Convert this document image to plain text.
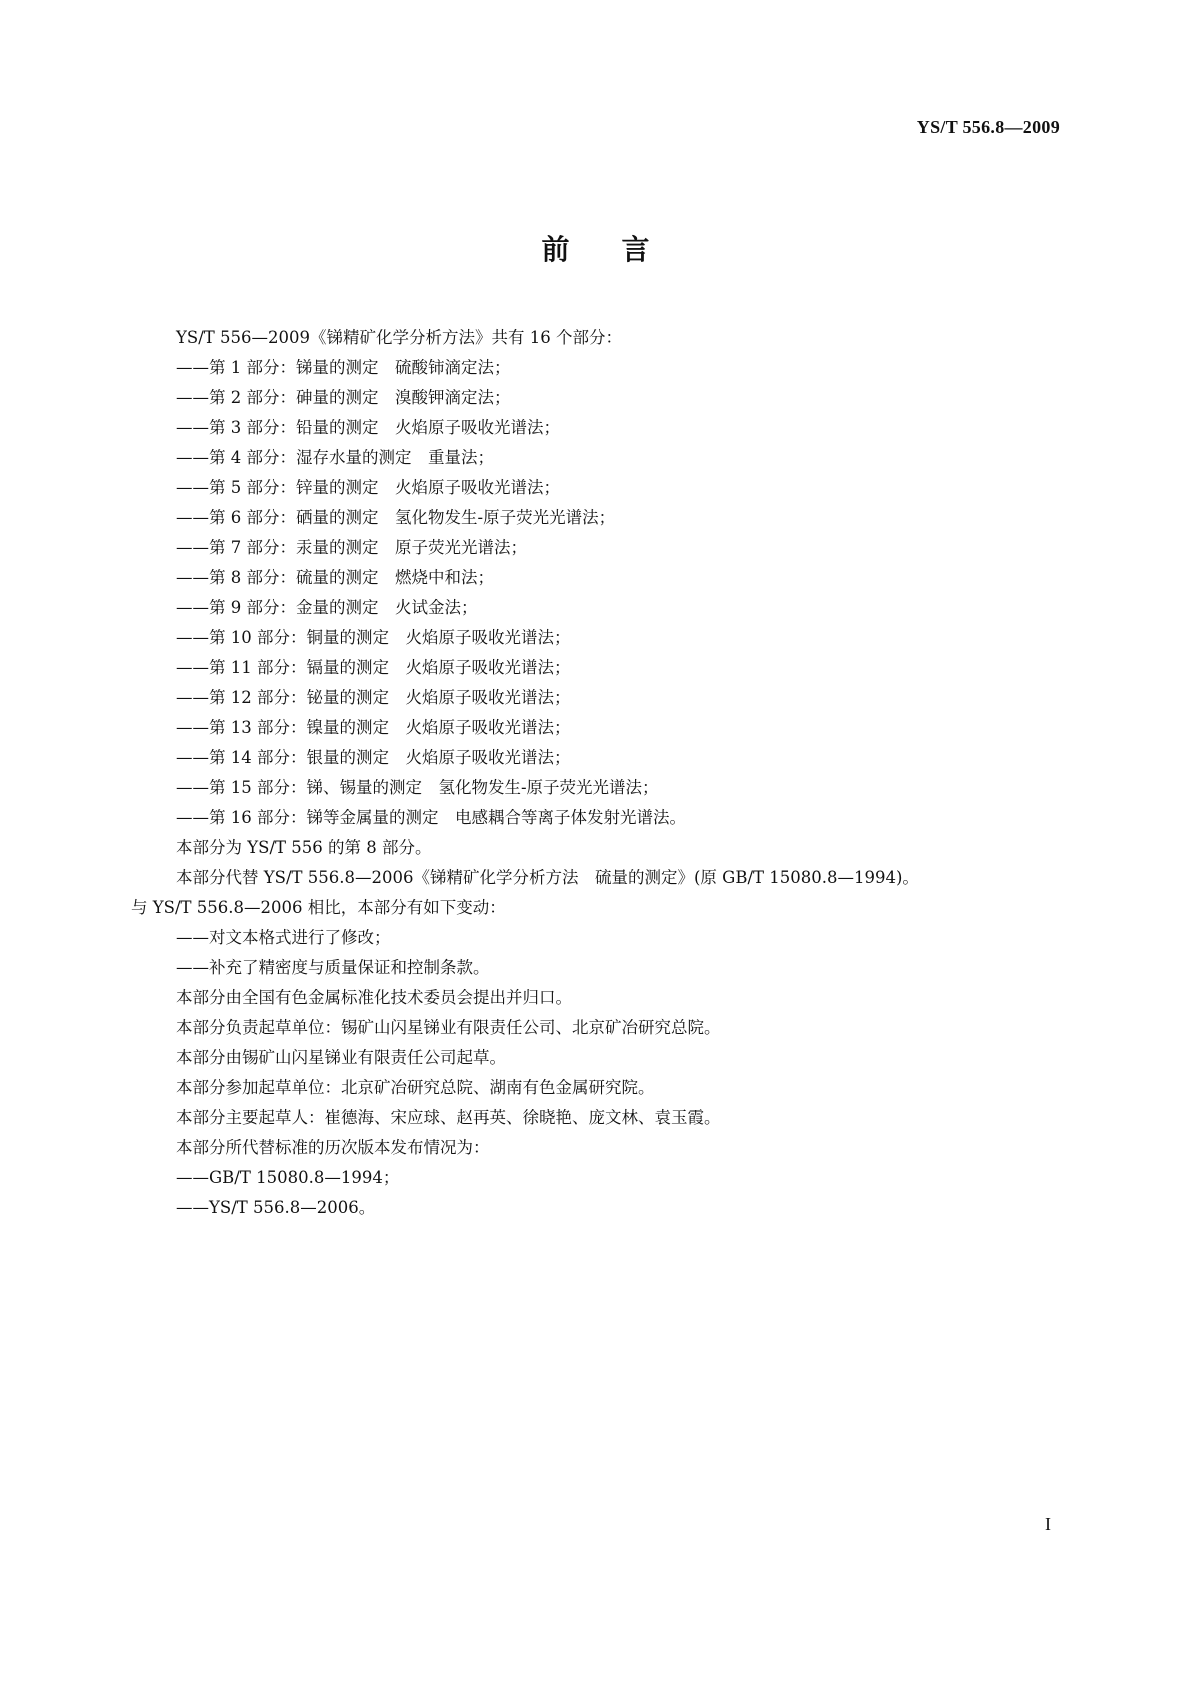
YS/T 556.8—2009
前言
YS/T 556—2009《锑精矿化学分析方法》共有 16 个部分：
——第 1 部分：锑量的测定　硫酸铈滴定法；
——第 2 部分：砷量的测定　溴酸钾滴定法；
——第 3 部分：铅量的测定　火焰原子吸收光谱法；
——第 4 部分：湿存水量的测定　重量法；
——第 5 部分：锌量的测定　火焰原子吸收光谱法；
——第 6 部分：硒量的测定　氢化物发生-原子荧光光谱法；
——第 7 部分：汞量的测定　原子荧光光谱法；
——第 8 部分：硫量的测定　燃烧中和法；
——第 9 部分：金量的测定　火试金法；
——第 10 部分：铜量的测定　火焰原子吸收光谱法；
——第 11 部分：镉量的测定　火焰原子吸收光谱法；
——第 12 部分：铋量的测定　火焰原子吸收光谱法；
——第 13 部分：镍量的测定　火焰原子吸收光谱法；
——第 14 部分：银量的测定　火焰原子吸收光谱法；
——第 15 部分：锑、锡量的测定　氢化物发生-原子荧光光谱法；
——第 16 部分：锑等金属量的测定　电感耦合等离子体发射光谱法。
本部分为 YS/T 556 的第 8 部分。
本部分代替 YS/T 556.8—2006《锑精矿化学分析方法　硫量的测定》(原 GB/T 15080.8—1994)。
与 YS/T 556.8—2006 相比，本部分有如下变动：
——对文本格式进行了修改；
——补充了精密度与质量保证和控制条款。
本部分由全国有色金属标准化技术委员会提出并归口。
本部分负责起草单位：锡矿山闪星锑业有限责任公司、北京矿冶研究总院。
本部分由锡矿山闪星锑业有限责任公司起草。
本部分参加起草单位：北京矿冶研究总院、湖南有色金属研究院。
本部分主要起草人：崔德海、宋应球、赵再英、徐晓艳、庞文林、袁玉霞。
本部分所代替标准的历次版本发布情况为：
——GB/T 15080.8—1994；
——YS/T 556.8—2006。
I
